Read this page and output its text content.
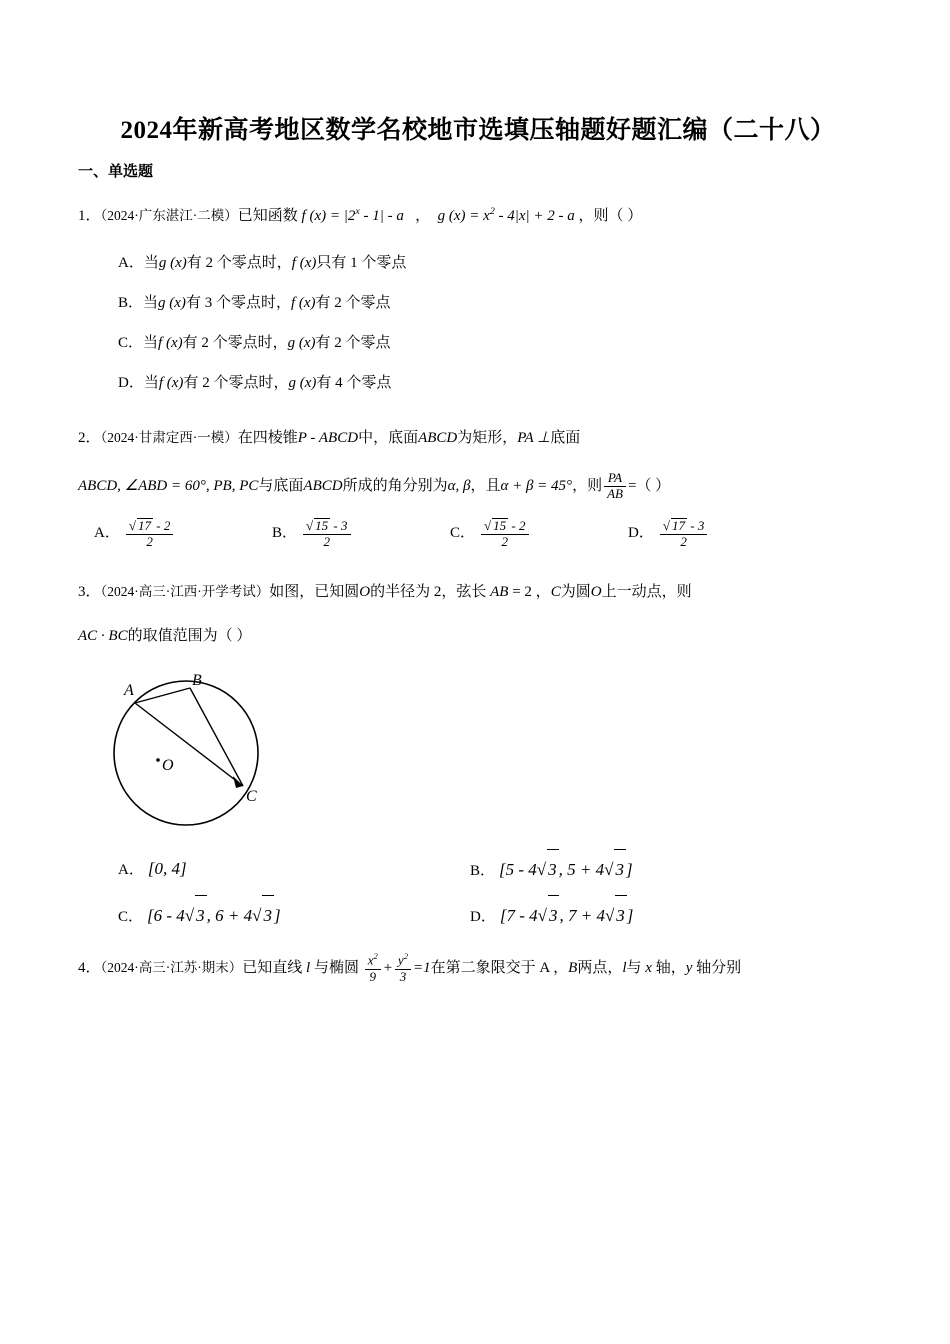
2024年新高考地区数学名校地市选填压轴题好题汇编（二十八）
一、单选题
1．（2024·广东湛江·二模）已知函数 f $(x) = |2^x - 1| - a$   ，  g $(x) = x^2 - 4|x| + 2 - a$ ，则（ ）
A．当g (x)有 2 个零点时，f (x)只有 1 个零点
B．当g (x)有 3 个零点时，f (x)有 2 个零点
C．当f (x)有 2 个零点时，g (x)有 2 个零点
D．当f (x)有 2 个零点时，g (x)有 4 个零点
2．（2024·甘肃定西·一模）在四棱锥P - ABCD中，底面ABCD为矩形，PA ⊥底面
ABCD, ∠ABD = 60°, PB, PC与底面ABCD所成的角分别为α, β，且α + β = 45°，则 $\frac{PA}{AB}$ =（ ）
A． $\frac{√ 17 - 2}{2}$	B． $\frac{√ 15 - 3}{2}$	C． $\frac{√ 15 - 2}{2}$	D． $\frac{√ 17 - 3}{2}$
3．（2024·高三·江西·开学考试）如图，已知圆O的半径为 2，弦长 AB = 2 ，C为圆O上一动点，则
AC · BC的取值范围为（ ）
A
B
C
O
A． [0, 4]	B． [5 - 4√ 3 , 5 + 4√ 3 ]
C． [6 - 4√ 3 , 6 + 4√ 3 ]	D． [7 - 4√ 3 , 7 + 4√ 3 ]
4．（2024·高三·江苏·期末）已知直线 l 与椭圆 $\frac{x^2}{9} + \frac{y^2}{3} =1$在第二象限交于 A ，B两点，l与 x 轴，y 轴分别
